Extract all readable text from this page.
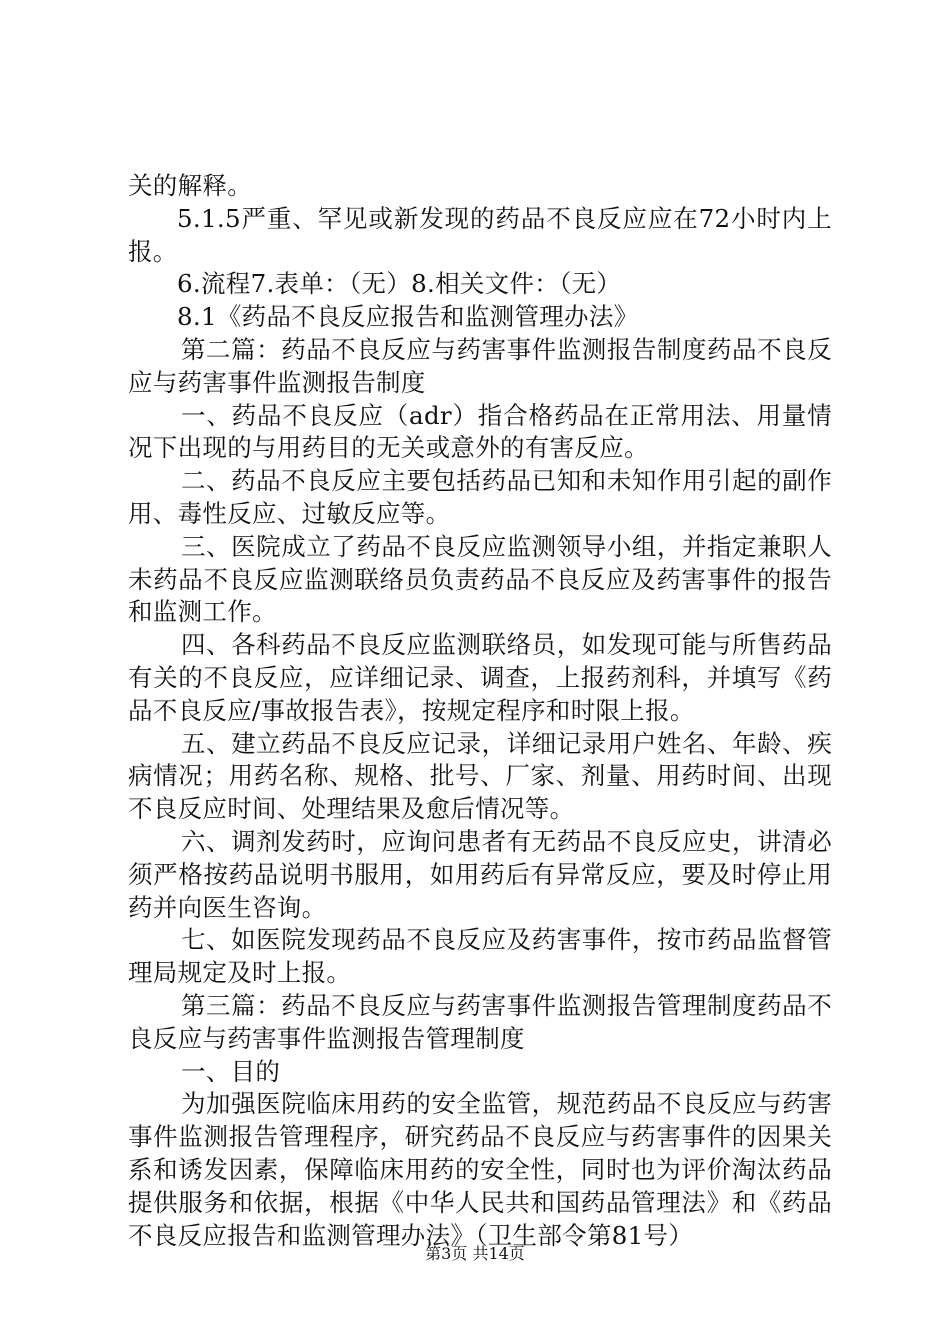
关的解释。

5.1.5严重、罕见或新发现的药品不良反应应在72小时内上报。

6.流程7.表单：（无）8.相关文件：（无）

8.1《药品不良反应报告和监测管理办法》

第二篇：药品不良反应与药害事件监测报告制度药品不良反应与药害事件监测报告制度

一、药品不良反应（adr）指合格药品在正常用法、用量情况下出现的与用药目的无关或意外的有害反应。

二、药品不良反应主要包括药品已知和未知作用引起的副作用、毒性反应、过敏反应等。

三、医院成立了药品不良反应监测领导小组，并指定兼职人未药品不良反应监测联络员负责药品不良反应及药害事件的报告和监测工作。

四、各科药品不良反应监测联络员，如发现可能与所售药品有关的不良反应，应详细记录、调查，上报药剂科，并填写《药品不良反应/事故报告表》，按规定程序和时限上报。

五、建立药品不良反应记录，详细记录用户姓名、年龄、疾病情况；用药名称、规格、批号、厂家、剂量、用药时间、出现不良反应时间、处理结果及愈后情况等。

六、调剂发药时，应询问患者有无药品不良反应史，讲清必须严格按药品说明书服用，如用药后有异常反应，要及时停止用药并向医生咨询。

七、如医院发现药品不良反应及药害事件，按市药品监督管理局规定及时上报。

第三篇：药品不良反应与药害事件监测报告管理制度药品不良反应与药害事件监测报告管理制度

一、目的

为加强医院临床用药的安全监管，规范药品不良反应与药害事件监测报告管理程序，研究药品不良反应与药害事件的因果关系和诱发因素，保障临床用药的安全性，同时也为评价淘汰药品提供服务和依据，根据《中华人民共和国药品管理法》和《药品不良反应报告和监测管理办法》（卫生部令第81号）

第3页 共14页
